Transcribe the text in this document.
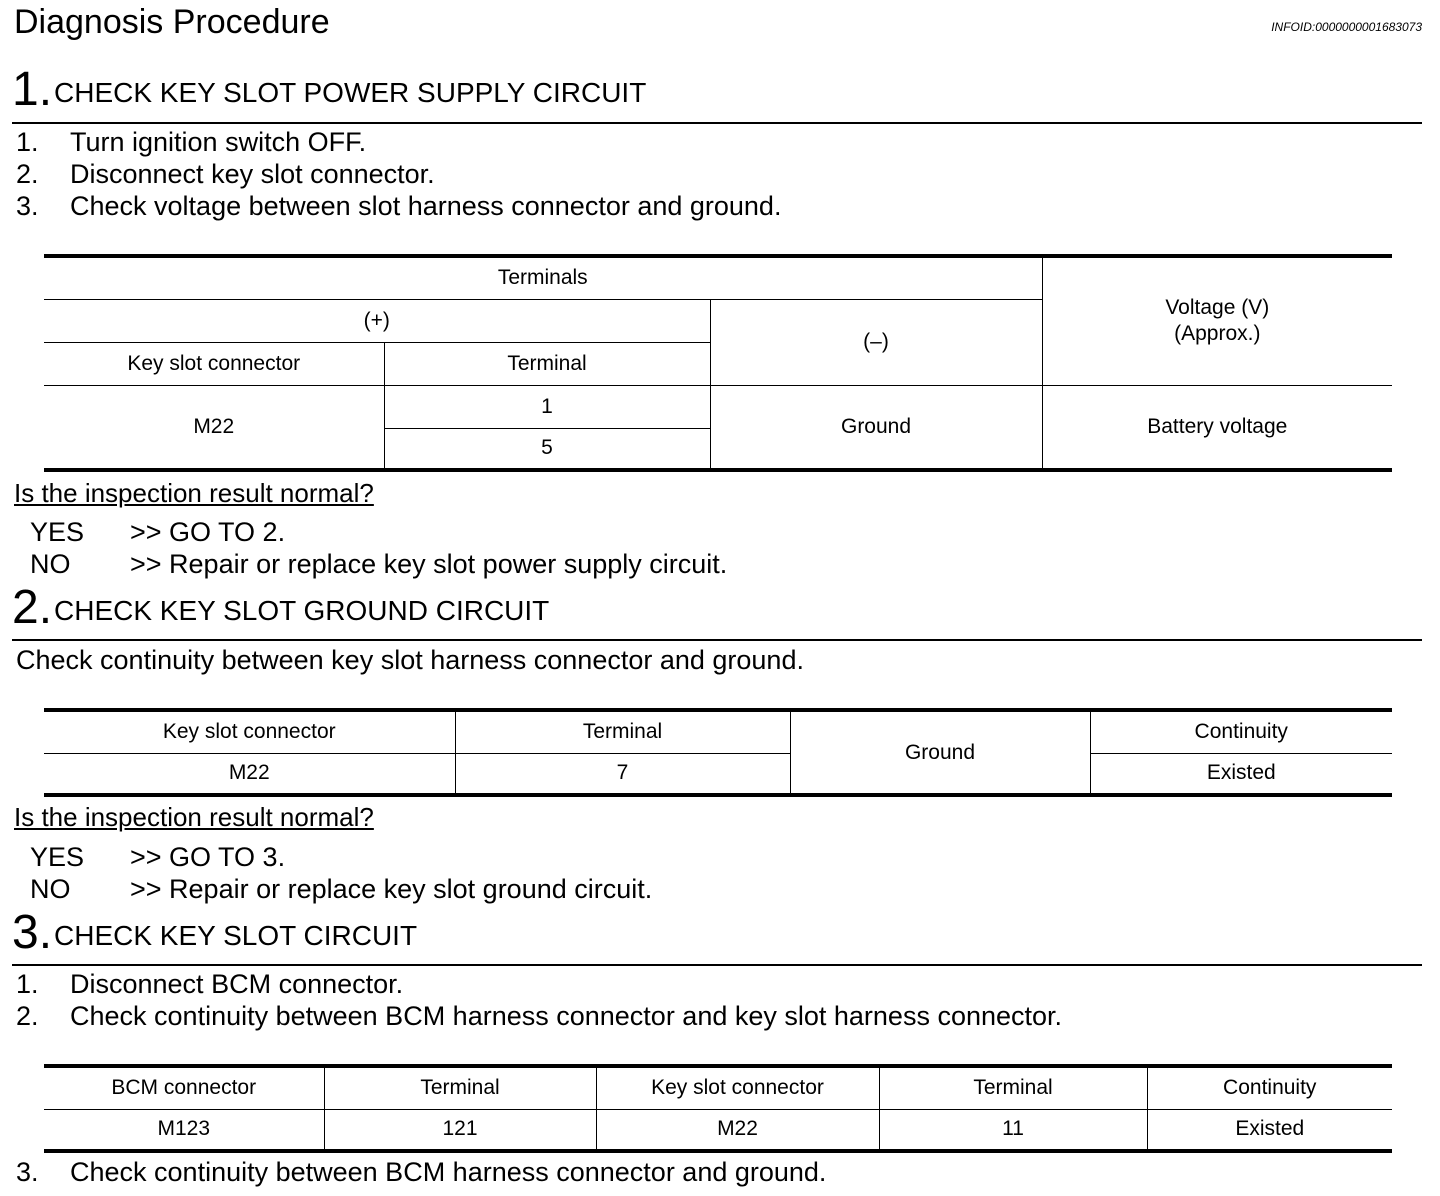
Diagnosis Procedure	INFOID:0000000001683073
1. CHECK KEY SLOT POWER SUPPLY CIRCUIT
1. Turn ignition switch OFF.
2. Disconnect key slot connector.
3. Check voltage between slot harness connector and ground.
Terminals			Voltage (V)
(Approx.)

(+)		(–)	
Key slot connector	Terminal		
M22	1	Ground	Battery voltage
	5		
Is the inspection result normal?
YES >> GO TO 2.
NO >> Repair or replace key slot power supply circuit.
2. CHECK KEY SLOT GROUND CIRCUIT
Check continuity between key slot harness connector and ground.
Key slot connector	Terminal	Ground	Continuity
M22	7		Existed
Is the inspection result normal?
YES >> GO TO 3.
NO >> Repair or replace key slot ground circuit.
3. CHECK KEY SLOT CIRCUIT
1. Disconnect BCM connector.
2. Check continuity between BCM harness connector and key slot harness connector.
BCM connector	Terminal	Key slot connector	Terminal	Continuity
M123	121	M22	11	Existed
3. Check continuity between BCM harness connector and ground.
